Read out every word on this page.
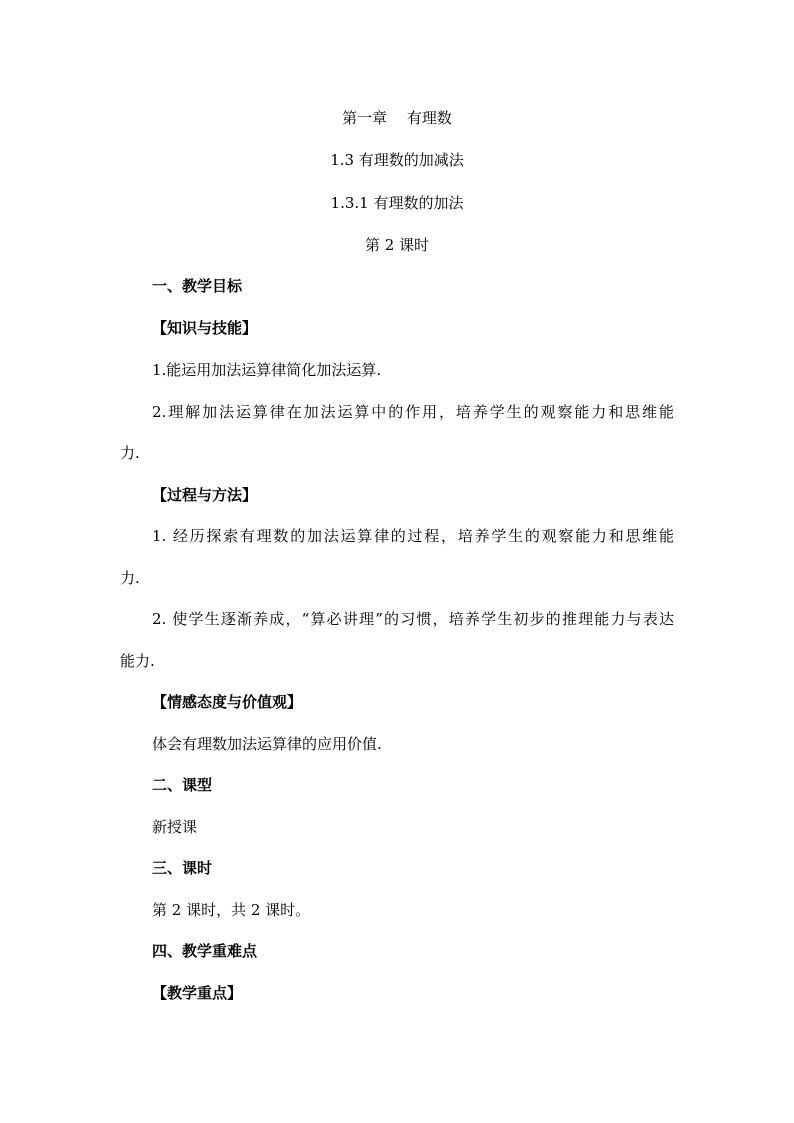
第一章　 有理数
1.3 有理数的加减法
1.3.1 有理数的加法
第 2 课时
一、教学目标
【知识与技能】
1.能运用加法运算律简化加法运算.
2.理解加法运算律在加法运算中的作用，培养学生的观察能力和思维能
力.
【过程与方法】
1. 经历探索有理数的加法运算律的过程，培养学生的观察能力和思维能
力.
2. 使学生逐渐养成，“算必讲理”的习惯，培养学生初步的推理能力与表达
能力.
【情感态度与价值观】
体会有理数加法运算律的应用价值.
二、课型
新授课
三、课时
第 2 课时，共 2 课时。
四、教学重难点
【教学重点】
